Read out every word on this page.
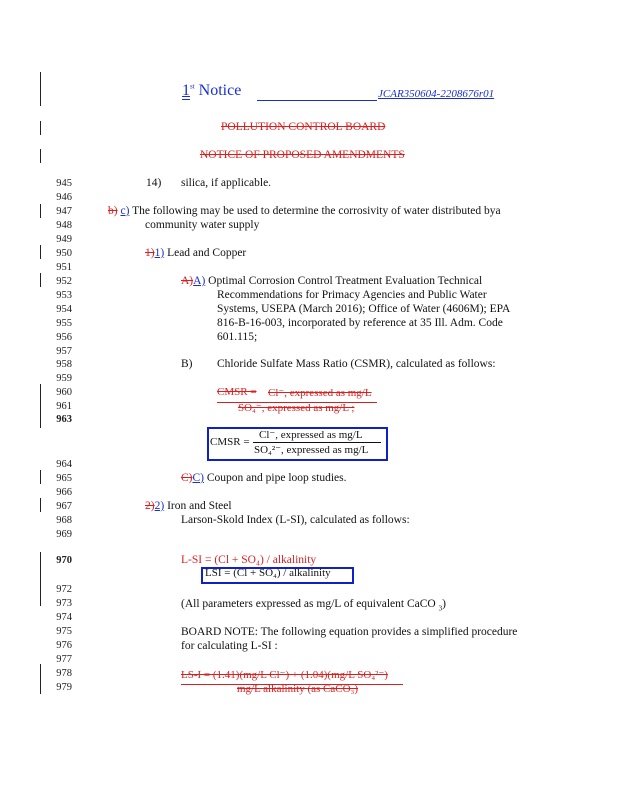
1st Notice	JCAR350604-2208676r01
POLLUTION CONTROL BOARD
NOTICE OF PROPOSED AMENDMENTS
945
946
947
948
949
950
951
952
953
954
955
956
957
958
959
960
961
963
964
965
966
967
968
969
970
972
973
974
975
976
977
978
979
14) silica, if applicable.
b) c) The following may be used to determine the corrosivity of water distributed bya
community water supply
1)1) Lead and Copper
A)A) Optimal Corrosion Control Treatment Evaluation Technical
Recommendations for Primacy Agencies and Public Water
Systems, USEPA (March 2016); Office of Water (4606M); EPA
816-B-16-003, incorporated by reference at 35 Ill. Adm. Code
601.115;
B) Chloride Sulfate Mass Ratio (CSMR), calculated as follows:
CMSR = Cl⁻, expressed as mg/L
SO₄⁻, expressed as mg/L ;
CMSR =
Cl⁻, expressed as mg/L
SO₄²⁻, expressed as mg/L
C)C) Coupon and pipe loop studies.
2)2) Iron and Steel
Larson-Skold Index (L-SI), calculated as follows:
L-SI = (Cl + SO₄) / alkalinity
LSI = (Cl + SO₄) / alkalinity
(All parameters expressed as mg/L of equivalent CaCO $_3$)
BOARD NOTE: The following equation provides a simplified procedure
for calculating L-SI :
LS-I = (1.41)(mg/L Cl⁻) + (1.04)(mg/L SO₄²⁻)
mg/L alkalinity (as CaCO₃)
